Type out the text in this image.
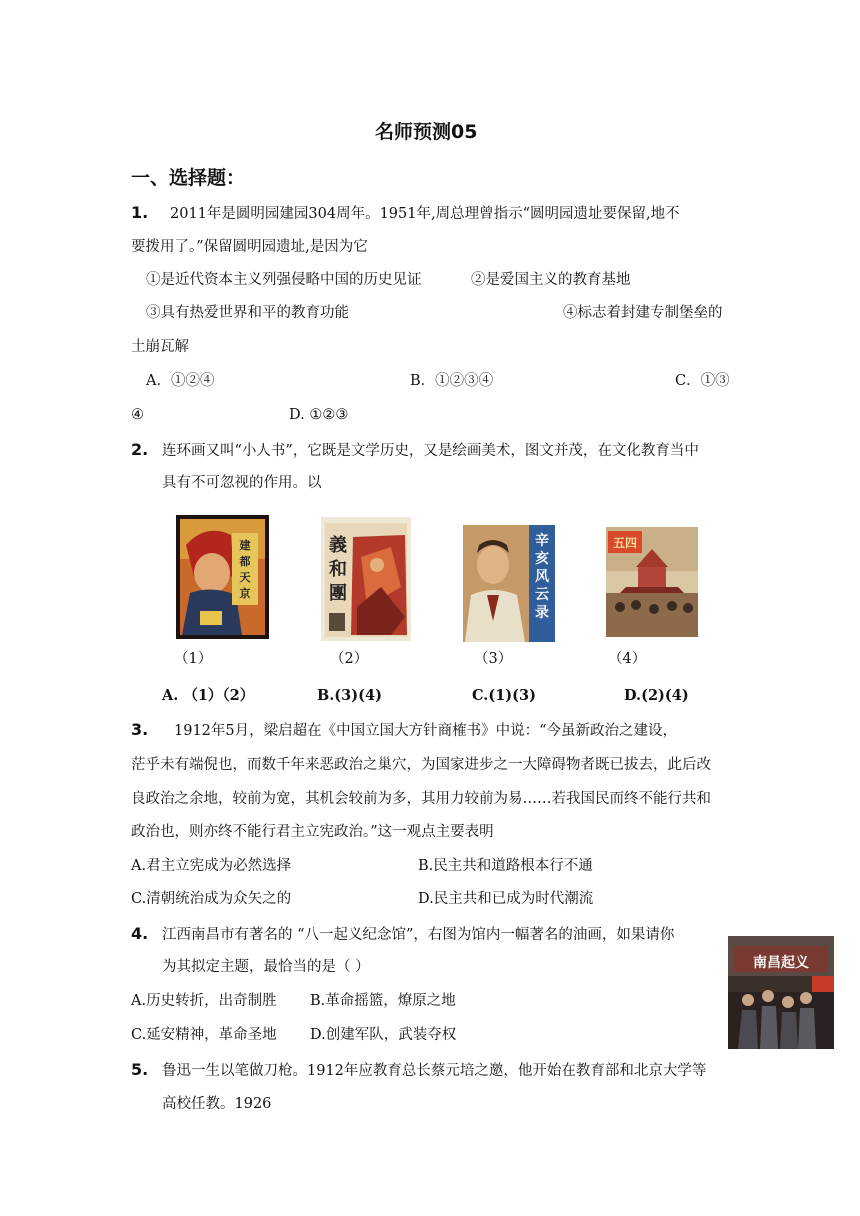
名师预测05
一、选择题：
1. 2011年是圆明园建园304周年。1951年,周总理曾指示“圆明园遗址要保留,地不
要拨用了。”保留圆明园遗址,是因为它
①是近代资本主义列强侵略中国的历史见证	②是爱国主义的教育基地
③具有热爱世界和平的教育功能	④标志着封建专制堡垒的
土崩瓦解
A．①②④	B．①②③④	C．①③
④	D. ①②③
2. 连环画又叫“小人书”，它既是文学历史，又是绘画美术，图文并茂，在文化教育当中
具有不可忽视的作用。以
建
都
天
京
義
和
團
辛
亥
风
云
录
五四
（1）	（2）	（3）	（4）
A. （1）（2）	B.(3)(4)	C.(1)(3)	D.(2)(4)
3. 1912年5月，梁启超在《中国立国大方针商榷书》中说：“今虽新政治之建设，
茫乎未有端倪也，而数千年来恶政治之巢穴，为国家进步之一大障碍物者既已拔去，此后改
良政治之余地，较前为宽，其机会较前为多，其用力较前为易……若我国民而终不能行共和
政治也，则亦终不能行君主立宪政治。”这一观点主要表明
A.君主立宪成为必然选择	B.民主共和道路根本行不通
C.清朝统治成为众矢之的	D.民主共和已成为时代潮流
4. 江西南昌市有著名的 “八一起义纪念馆”，右图为馆内一幅著名的油画，如果请你
为其拟定主题，最恰当的是（ ）
A.历史转折，出奇制胜 B.革命摇篮，燎原之地
C.延安精神，革命圣地 D.创建军队，武装夺权
南昌起义
5. 鲁迅一生以笔做刀枪。1912年应教育总长蔡元培之邀，他开始在教育部和北京大学等
高校任教。1926
